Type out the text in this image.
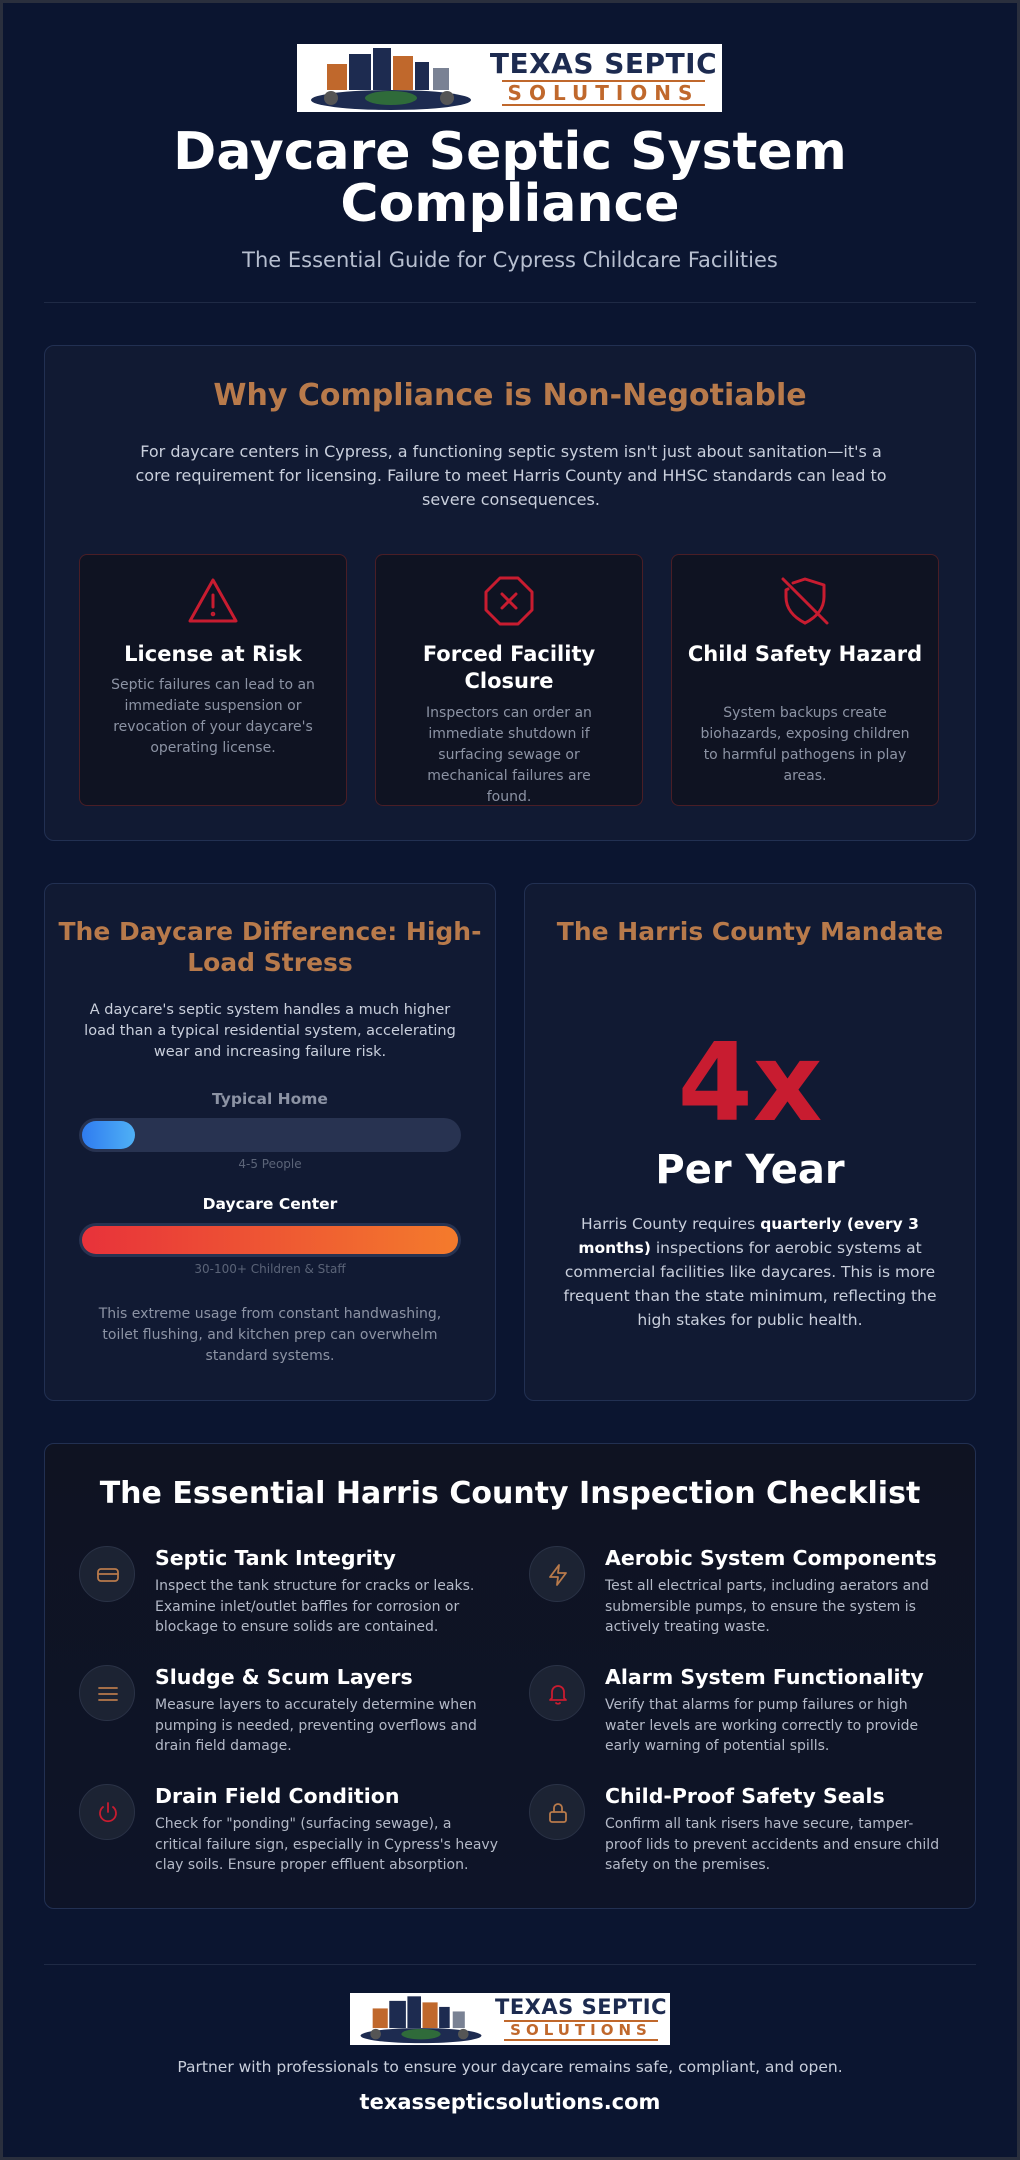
TEXAS SEPTIC
SOLUTIONS
Daycare Septic System
Compliance
The Essential Guide for Cypress Childcare Facilities
Why Compliance is Non-Negotiable
For daycare centers in Cypress, a functioning septic system isn't just about sanitation—it's a core requirement for licensing. Failure to meet Harris County and HHSC standards can lead to severe consequences.
License at Risk
Septic failures can lead to an immediate suspension or revocation of your daycare's operating license.
Forced Facility Closure
Inspectors can order an immediate shutdown if surfacing sewage or mechanical failures are found.
Child Safety Hazard
System backups create biohazards, exposing children to harmful pathogens in play areas.
The Daycare Difference: High-Load Stress
A daycare's septic system handles a much higher load than a typical residential system, accelerating wear and increasing failure risk.
Typical Home
4-5 People
Daycare Center
30-100+ Children & Staff
This extreme usage from constant handwashing, toilet flushing, and kitchen prep can overwhelm standard systems.
The Harris County Mandate
4x
Per Year
Harris County requires quarterly (every 3 months) inspections for aerobic systems at commercial facilities like daycares. This is more frequent than the state minimum, reflecting the high stakes for public health.
The Essential Harris County Inspection Checklist
Septic Tank Integrity
Inspect the tank structure for cracks or leaks. Examine inlet/outlet baffles for corrosion or blockage to ensure solids are contained.
Aerobic System Components
Test all electrical parts, including aerators and submersible pumps, to ensure the system is actively treating waste.
Sludge & Scum Layers
Measure layers to accurately determine when pumping is needed, preventing overflows and drain field damage.
Alarm System Functionality
Verify that alarms for pump failures or high water levels are working correctly to provide early warning of potential spills.
Drain Field Condition
Check for "ponding" (surfacing sewage), a critical failure sign, especially in Cypress's heavy clay soils. Ensure proper effluent absorption.
Child-Proof Safety Seals
Confirm all tank risers have secure, tamper-proof lids to prevent accidents and ensure child safety on the premises.
TEXAS SEPTIC
SOLUTIONS
Partner with professionals to ensure your daycare remains safe, compliant, and open.
texassepticsolutions.com
